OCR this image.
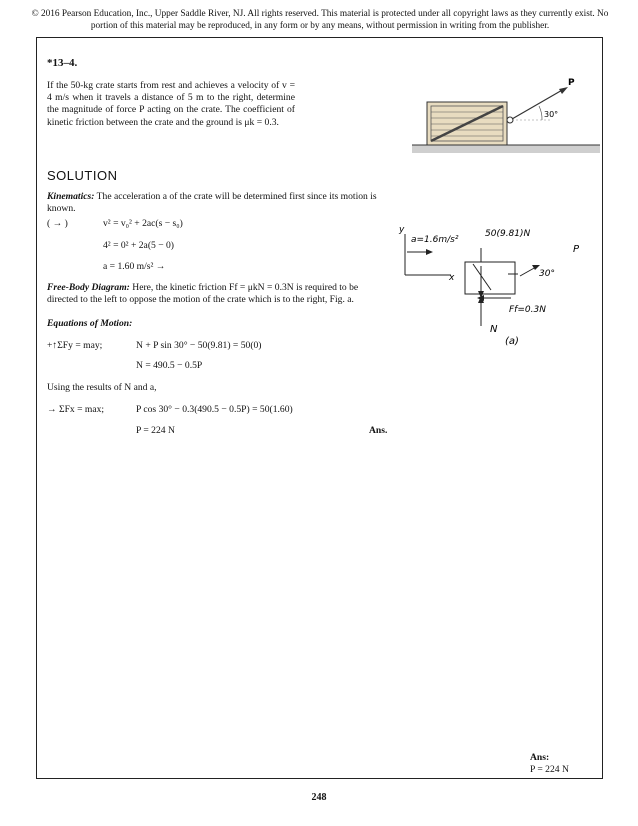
© 2016 Pearson Education, Inc., Upper Saddle River, NJ. All rights reserved. This material is protected under all copyright laws as they currently exist. No portion of this material may be reproduced, in any form or by any means, without permission in writing from the publisher.
*13–4.
If the 50-kg crate starts from rest and achieves a velocity of v = 4 m/s when it travels a distance of 5 m to the right, determine the magnitude of force P acting on the crate. The coefficient of kinetic friction between the crate and the ground is μk = 0.3.
P
30°
SOLUTION
Kinematics: The acceleration a of the crate will be determined first since its motion is known.
( → )	v² = v₀² + 2ac(s − s₀)
4² = 0² + 2a(5 − 0)
a = 1.60 m/s² →
Free-Body Diagram: Here, the kinetic friction Ff = μkN = 0.3N is required to be directed to the left to oppose the motion of the crate which is to the right, Fig. a.
Equations of Motion:
+↑ΣFy = may;	N + P sin 30° − 50(9.81) = 50(0)
N = 490.5 − 0.5P
Using the results of N and a,
→ ΣFx = max;	P cos 30° − 0.3(490.5 − 0.5P) = 50(1.60)
P = 224 N	Ans.
y
x
a=1.6m/s²
50(9.81)N
P
30°
Ff=0.3N
N
(a)
Ans:
P = 224 N
248
